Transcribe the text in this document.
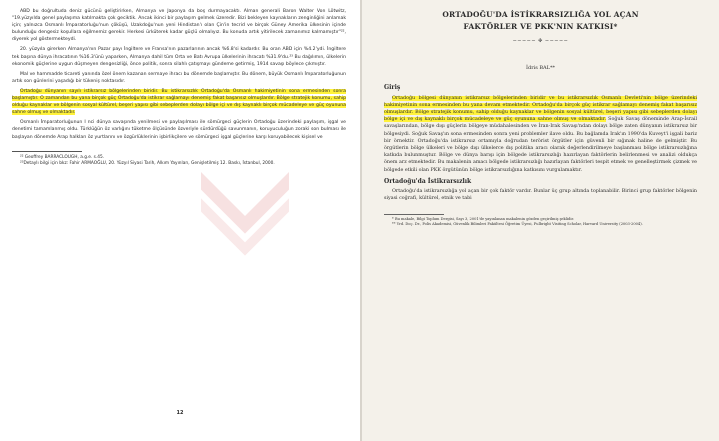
ABD bu doğrultuda deniz gücünü geliştirirken, Almanya ve Japonya da boş durmayacaktı. Alman generali Baron Walter Von Lötwitz, "19.yüzyılda genel paylaşıma katılmakta çok geciktik. Ancak ikinci bir paylaşım gelmek üzeredir. Bizi bekleyen kaynakların zenginliğini anlamak için; yalnızca Osmanlı İmparatorluğu'nun çöküşü, Uzakdoğu'nun yeni Hindistan'ı olan Çin'in tecrid ve birçok Güney Amerika ülkesinin içinde bulunduğu dengesiz koşullara eğilmemiz gerekir. Herkesi ürküterek kadar güçlü olmalıyız. Bu konuda artık yitirilecek zamanımız kalmamıştır"²², diyerek yol göstermekteydi.

20. yüzyıla girerken Almanya'nın Pazar payı İngiltere ve Fransa'nın pazarlarının ancak %6.8'si kadardır. Bu oran ABD için %4.2'ydi. İngiltere tek başına dünya ihracatının %16.3'ünü yaparken, Almanya dahil tüm Orta ve Batı Avrupa ülkelerinin ihracatı %31.9'du.²³ Bu dağılımın, ülkelerin ekonomik güçlerine uygun düşmeyen dengesizliği, önce politik, sonra silahlı çatışmayı gündeme getirmiş, 1914 savaşı böylece çıkmıştır.

Mal ve hammadde ticareti yanında özel önem kazanan sermaye ihracı bu dönemde başlamıştır. Bu dönem, büyük Osmanlı İmparatorluğunun artık son günlerini yaşadığı bir tükeniş noktasıdır.

Ortadoğu dünyanın sayılı istikrarsız bölgelerinden biridir. Bu istikrarsızlık Ortadoğu'da Osmanlı hakimiyetinin sona ermesinden sonra başlamıştır. O zamandan bu yana birçok güç Ortadoğu'da istikrar sağlamayı denemiş fakat başarısız olmuşlardır. Bölge stratejik konumu, sahip olduğu kaynaklar ve bölgenin sosyal kültürel, beşeri yapısı gibi sebeplerden dolayı bölge içi ve dış kaynaklı birçok mücadeleye ve güç oyununa sahne olmuş ve olmaktadır.

Osmanlı İmparatorluğunun I nci dünya savaşında yenilmesi ve paylaşılması ile sömürgeci güçlerin Ortadoğu üzerindeki paylaşım, işgal ve denetimi tamamlanmış oldu. Türklüğün öz varlığını tüketme ölçüsünde özveriyle sürdürdüğü savunmanın, koruyuculuğun zoraki son bulması ile başlayan dönemde Arap halkları öz yurtlarını ve özgürlüklerinin işbirlikçilere ve sömürgeci işgal güçlerine karşı koruyabilecek kişisel ve

²² Geoffrey BARRACLOUGH, a.g.e. s.45.

²³Detaylı bilgi için bkz: Fahir ARMAOĞLU, 20. Yüzyıl Siyasi Tarih, Alkım Yayınları, Genişletilmiş 12. Baskı, İstanbul, 2000.

12
ORTADOĞU'DA İSTİKRARSIZLIĞA YOL AÇAN
FAKTÖRLER VE PKK'NIN KATKISI*
~~~~~ ✤ ~~~~~
İdris BAL**
Giriş

Ortadoğu bölgesi dünyanın istikrarsız bölgelerinden biridir ve bu istikrarsızlık Osmanlı Devleti'nin bölge üzerindeki hakimiyetinin sona ermesinden bu yana devam etmektedir. Ortadoğu'da birçok güç istikrar sağlamayı denemiş fakat başarısız olmuşlardır. Bölge stratejik konumu, sahip olduğu kaynaklar ve bölgenin sosyal kültürel, beşeri yapısı gibi sebeplerden dolayı bölge içi ve dış kaynaklı birçok mücadeleye ve güç oyununa sahne olmuş ve olmaktadır. Soğuk Savaş döneminde Arap-İsrail savaşlarından, bölge dışı güçlerin bölgeye müdahalesinden ve İran-Irak Savaşı'ndan dolayı bölge zaten dünyanın istikrarsız bir bölgesiydi. Soğuk Savaş'ın sona ermesinden sonra yeni problemler ilave oldu. Bu bağlamda Irak'ın 1990'da Kuveyt'i işgali bariz bir örnektir. Ortadoğu'da istikrarsız ortamıyla doğrudan terörist örgütler için güvenli bir sığınak haline de gelmiştir. Bu örgütlerin bölge ülkeleri ve bölge dışı ülkelerce dış politika aracı olarak değerlendirilmeye başlanması bölge istikrarsızlığına katkıda bulunmuştur. Bölge ve dünya barışı için bölgede istikrarsızlığı hazırlayan faktörlerin belirlenmesi ve analizi oldukça önem arz etmektedir. Bu makalenin amacı bölgede istikrarsızlığı hazırlayan faktörleri tespit etmek ve genelleştirmek çizmek ve bölgede etkili olan PKK örgütünün bölge istikrarsızlığına katkısını vurgulamaktır.

Ortadoğu'da İstikrarsızlık

Ortadoğu'da istikrarsızlığa yol açan bir çok faktör vardır. Bunlar üç grup altında toplanabilir. Birinci grup faktörler bölgenin siyasi coğrafi, kültürel, etnik ve tabi

* Bu makale, Bilgi Toplum Dergisi, Sayı 3, 2001'de yayınlanan makalenin gözden geçirilmiş şeklidir.

** Yrd. Doç. Dr., Polis Akademisi, Güvenlik Bilimleri Fakültesi Öğretim Üyesi, Fulbright Visiting Scholar, Harvard University (2003-2004).
